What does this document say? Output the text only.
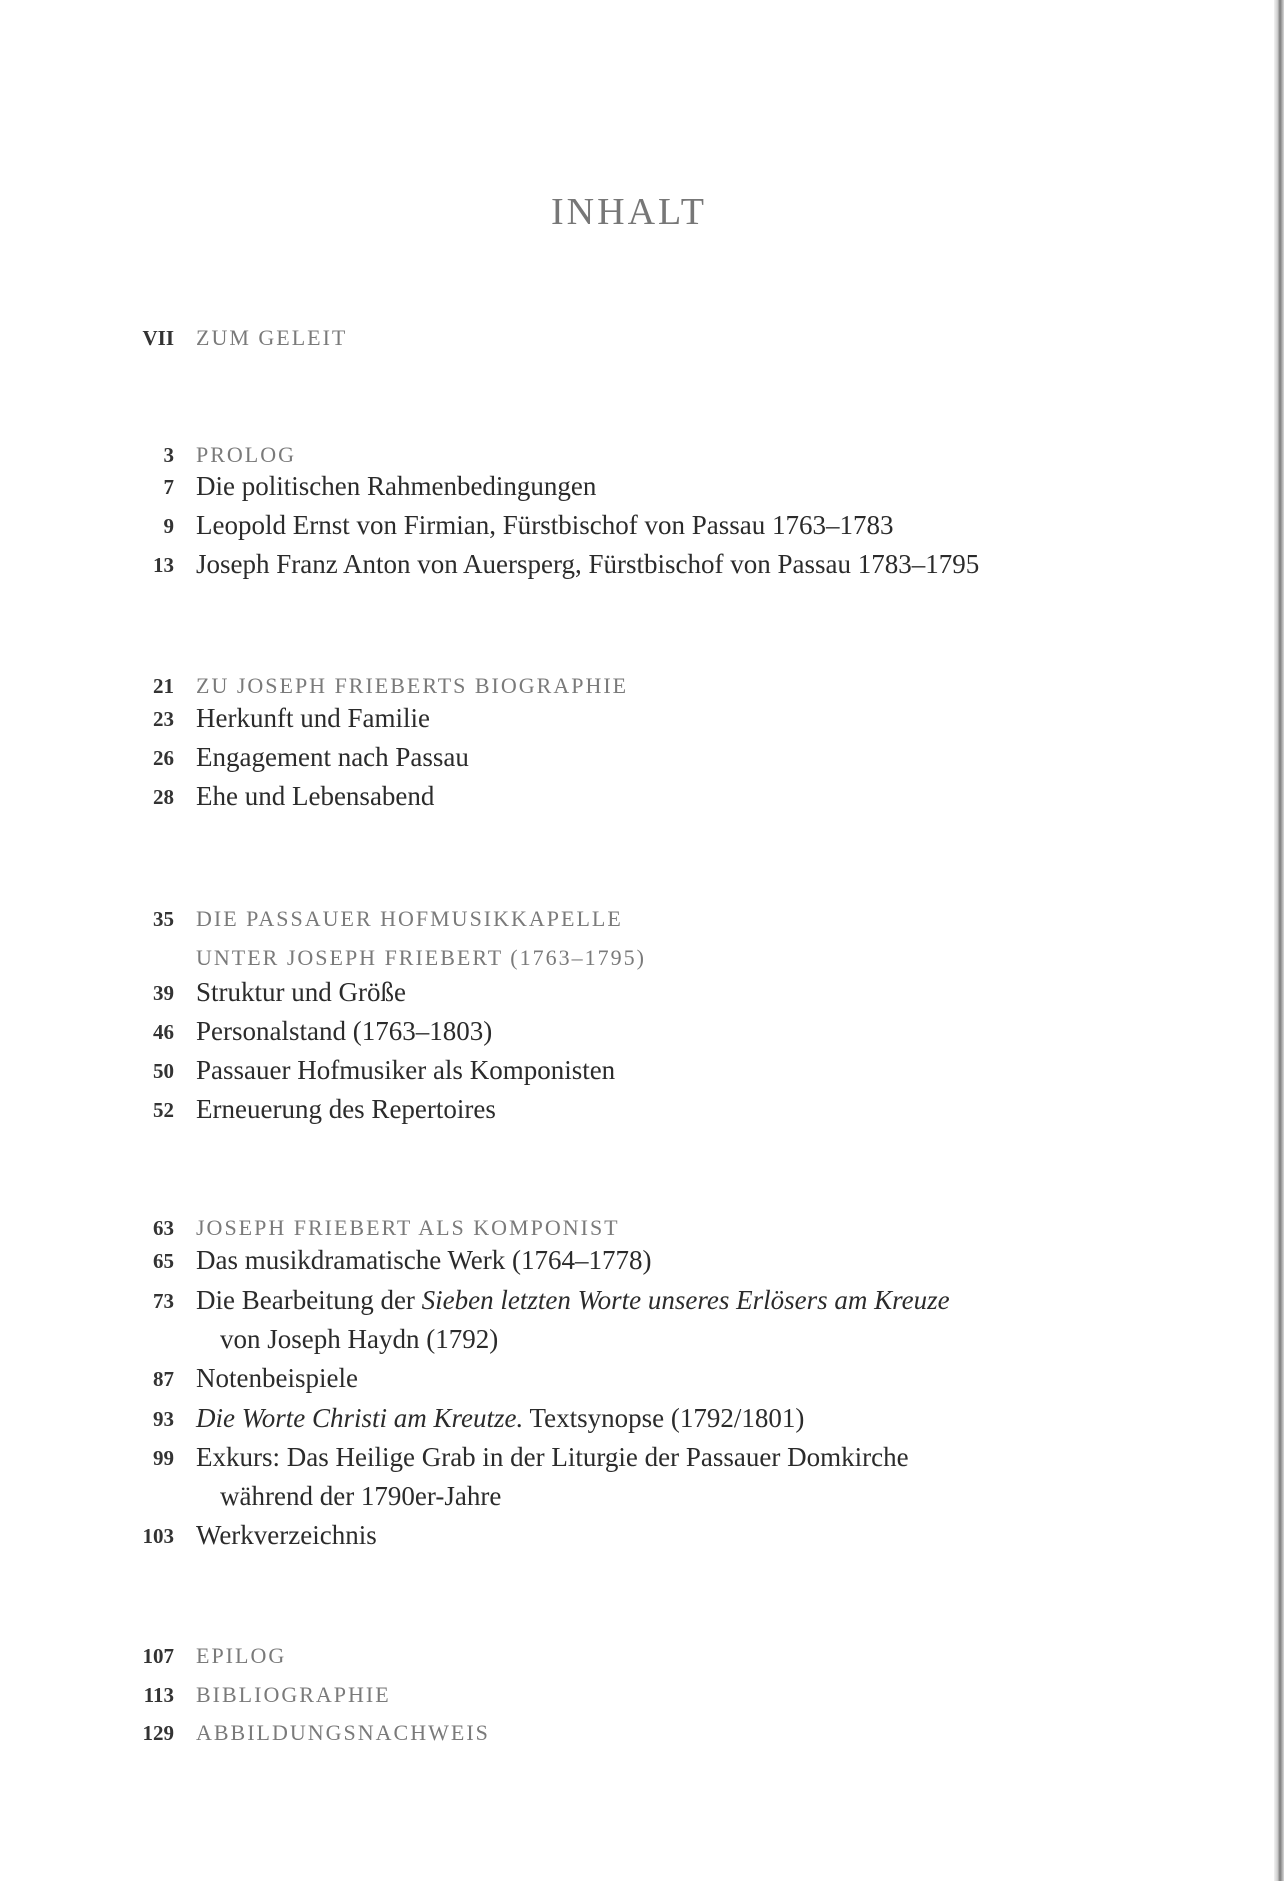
INHALT
VII	ZUM GELEIT
3	PROLOG
7 Die politischen Rahmenbedingungen
9 Leopold Ernst von Firmian, Fürstbischof von Passau 1763–1783
13 Joseph Franz Anton von Auersperg, Fürstbischof von Passau 1783–1795
21	ZU JOSEPH FRIEBERTS BIOGRAPHIE
23 Herkunft und Familie
26 Engagement nach Passau
28 Ehe und Lebensabend
35	DIE PASSAUER HOFMUSIKKAPELLE
UNTER JOSEPH FRIEBERT (1763–1795)
39 Struktur und Größe
46 Personalstand (1763–1803)
50 Passauer Hofmusiker als Komponisten
52 Erneuerung des Repertoires
63	JOSEPH FRIEBERT ALS KOMPONIST
65 Das musikdramatische Werk (1764–1778)
73 Die Bearbeitung der Sieben letzten Worte unseres Erlösers am Kreuze
von Joseph Haydn (1792)
87 Notenbeispiele
93 Die Worte Christi am Kreutze. Textsynopse (1792/1801)
99 Exkurs: Das Heilige Grab in der Liturgie der Passauer Domkirche
während der 1790er-Jahre
103 Werkverzeichnis
107	EPILOG
113	BIBLIOGRAPHIE
129	ABBILDUNGSNACHWEIS
